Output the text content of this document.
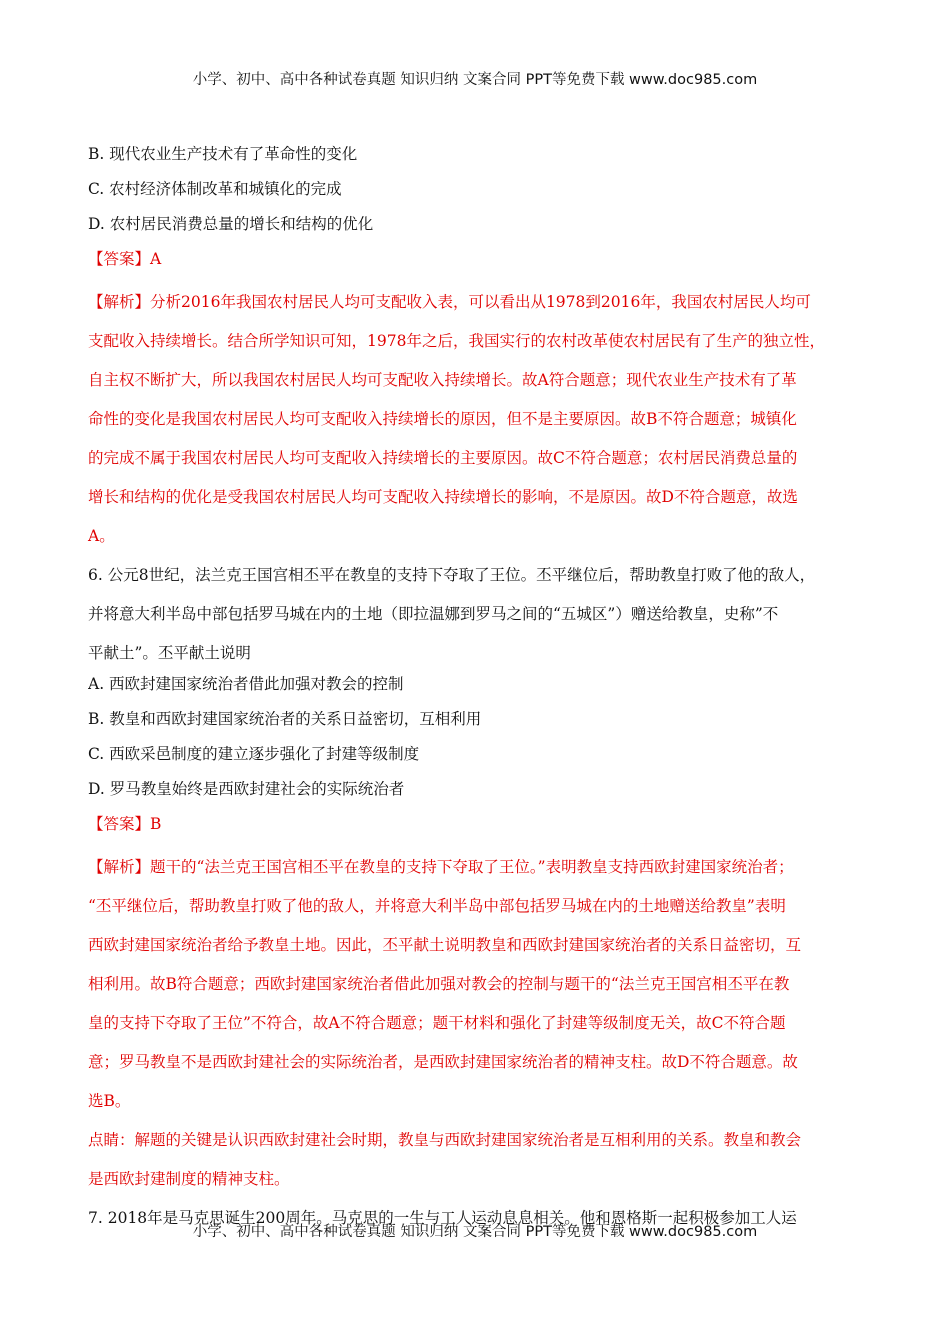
小学、初中、高中各种试卷真题 知识归纳 文案合同 PPT等免费下载 www.doc985.com
B. 现代农业生产技术有了革命性的变化
C. 农村经济体制改革和城镇化的完成
D. 农村居民消费总量的增长和结构的优化
【答案】A
【解析】分析2016年我国农村居民人均可支配收入表，可以看出从1978到2016年，我国农村居民人均可
支配收入持续增长。结合所学知识可知，1978年之后，我国实行的农村改革使农村居民有了生产的独立性，
自主权不断扩大，所以我国农村居民人均可支配收入持续增长。故A符合题意；现代农业生产技术有了革
命性的变化是我国农村居民人均可支配收入持续增长的原因，但不是主要原因。故B不符合题意；城镇化
的完成不属于我国农村居民人均可支配收入持续增长的主要原因。故C不符合题意；农村居民消费总量的
增长和结构的优化是受我国农村居民人均可支配收入持续增长的影响，不是原因。故D不符合题意，故选
A。
6. 公元8世纪，法兰克王国宫相丕平在教皇的支持下夺取了王位。丕平继位后，帮助教皇打败了他的敌人，
并将意大利半岛中部包括罗马城在内的土地（即拉温娜到罗马之间的“五城区”）赠送给教皇，史称”不
平献土”。丕平献土说明
A. 西欧封建国家统治者借此加强对教会的控制
B. 教皇和西欧封建国家统治者的关系日益密切，互相利用
C. 西欧采邑制度的建立逐步强化了封建等级制度
D. 罗马教皇始终是西欧封建社会的实际统治者
【答案】B
【解析】题干的“法兰克王国宫相丕平在教皇的支持下夺取了王位。”表明教皇支持西欧封建国家统治者；
“丕平继位后，帮助教皇打败了他的敌人，并将意大利半岛中部包括罗马城在内的土地赠送给教皇”表明
西欧封建国家统治者给予教皇土地。因此，丕平献土说明教皇和西欧封建国家统治者的关系日益密切，互
相利用。故B符合题意；西欧封建国家统治者借此加强对教会的控制与题干的“法兰克王国宫相丕平在教
皇的支持下夺取了王位”不符合，故A不符合题意；题干材料和强化了封建等级制度无关，故C不符合题
意；罗马教皇不是西欧封建社会的实际统治者，是西欧封建国家统治者的精神支柱。故D不符合题意。故
选B。
点睛：解题的关键是认识西欧封建社会时期，教皇与西欧封建国家统治者是互相利用的关系。教皇和教会
是西欧封建制度的精神支柱。
7. 2018年是马克思诞生200周年。马克思的一生与工人运动息息相关。他和恩格斯一起积极参加工人运
小学、初中、高中各种试卷真题 知识归纳 文案合同 PPT等免费下载 www.doc985.com
